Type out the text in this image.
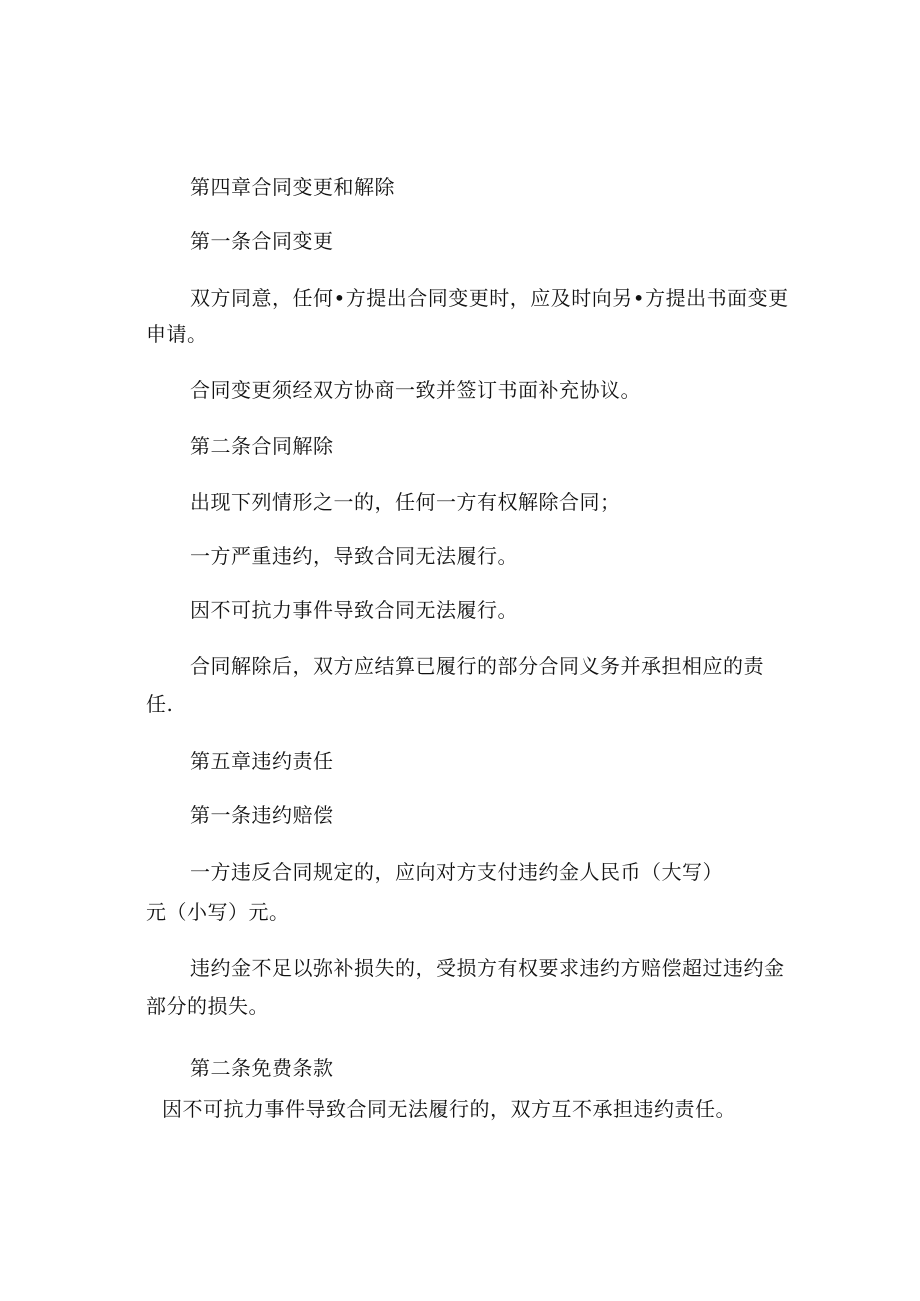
第四章合同变更和解除
第一条合同变更
双方同意，任何•方提出合同变更时，应及时向另•方提出书面变更
申请。
合同变更须经双方协商一致并签订书面补充协议。
第二条合同解除
出现下列情形之一的，任何一方有权解除合同；
一方严重违约，导致合同无法履行。
因不可抗力事件导致合同无法履行。
合同解除后，双方应结算已履行的部分合同义务并承担相应的责
任.
第五章违约责任
第一条违约赔偿
一方违反合同规定的，应向对方支付违约金人民币（大写）
元（小写）元。
违约金不足以弥补损失的，受损方有权要求违约方赔偿超过违约金
部分的损失。
第二条免费条款
因不可抗力事件导致合同无法履行的，双方互不承担违约责任。
